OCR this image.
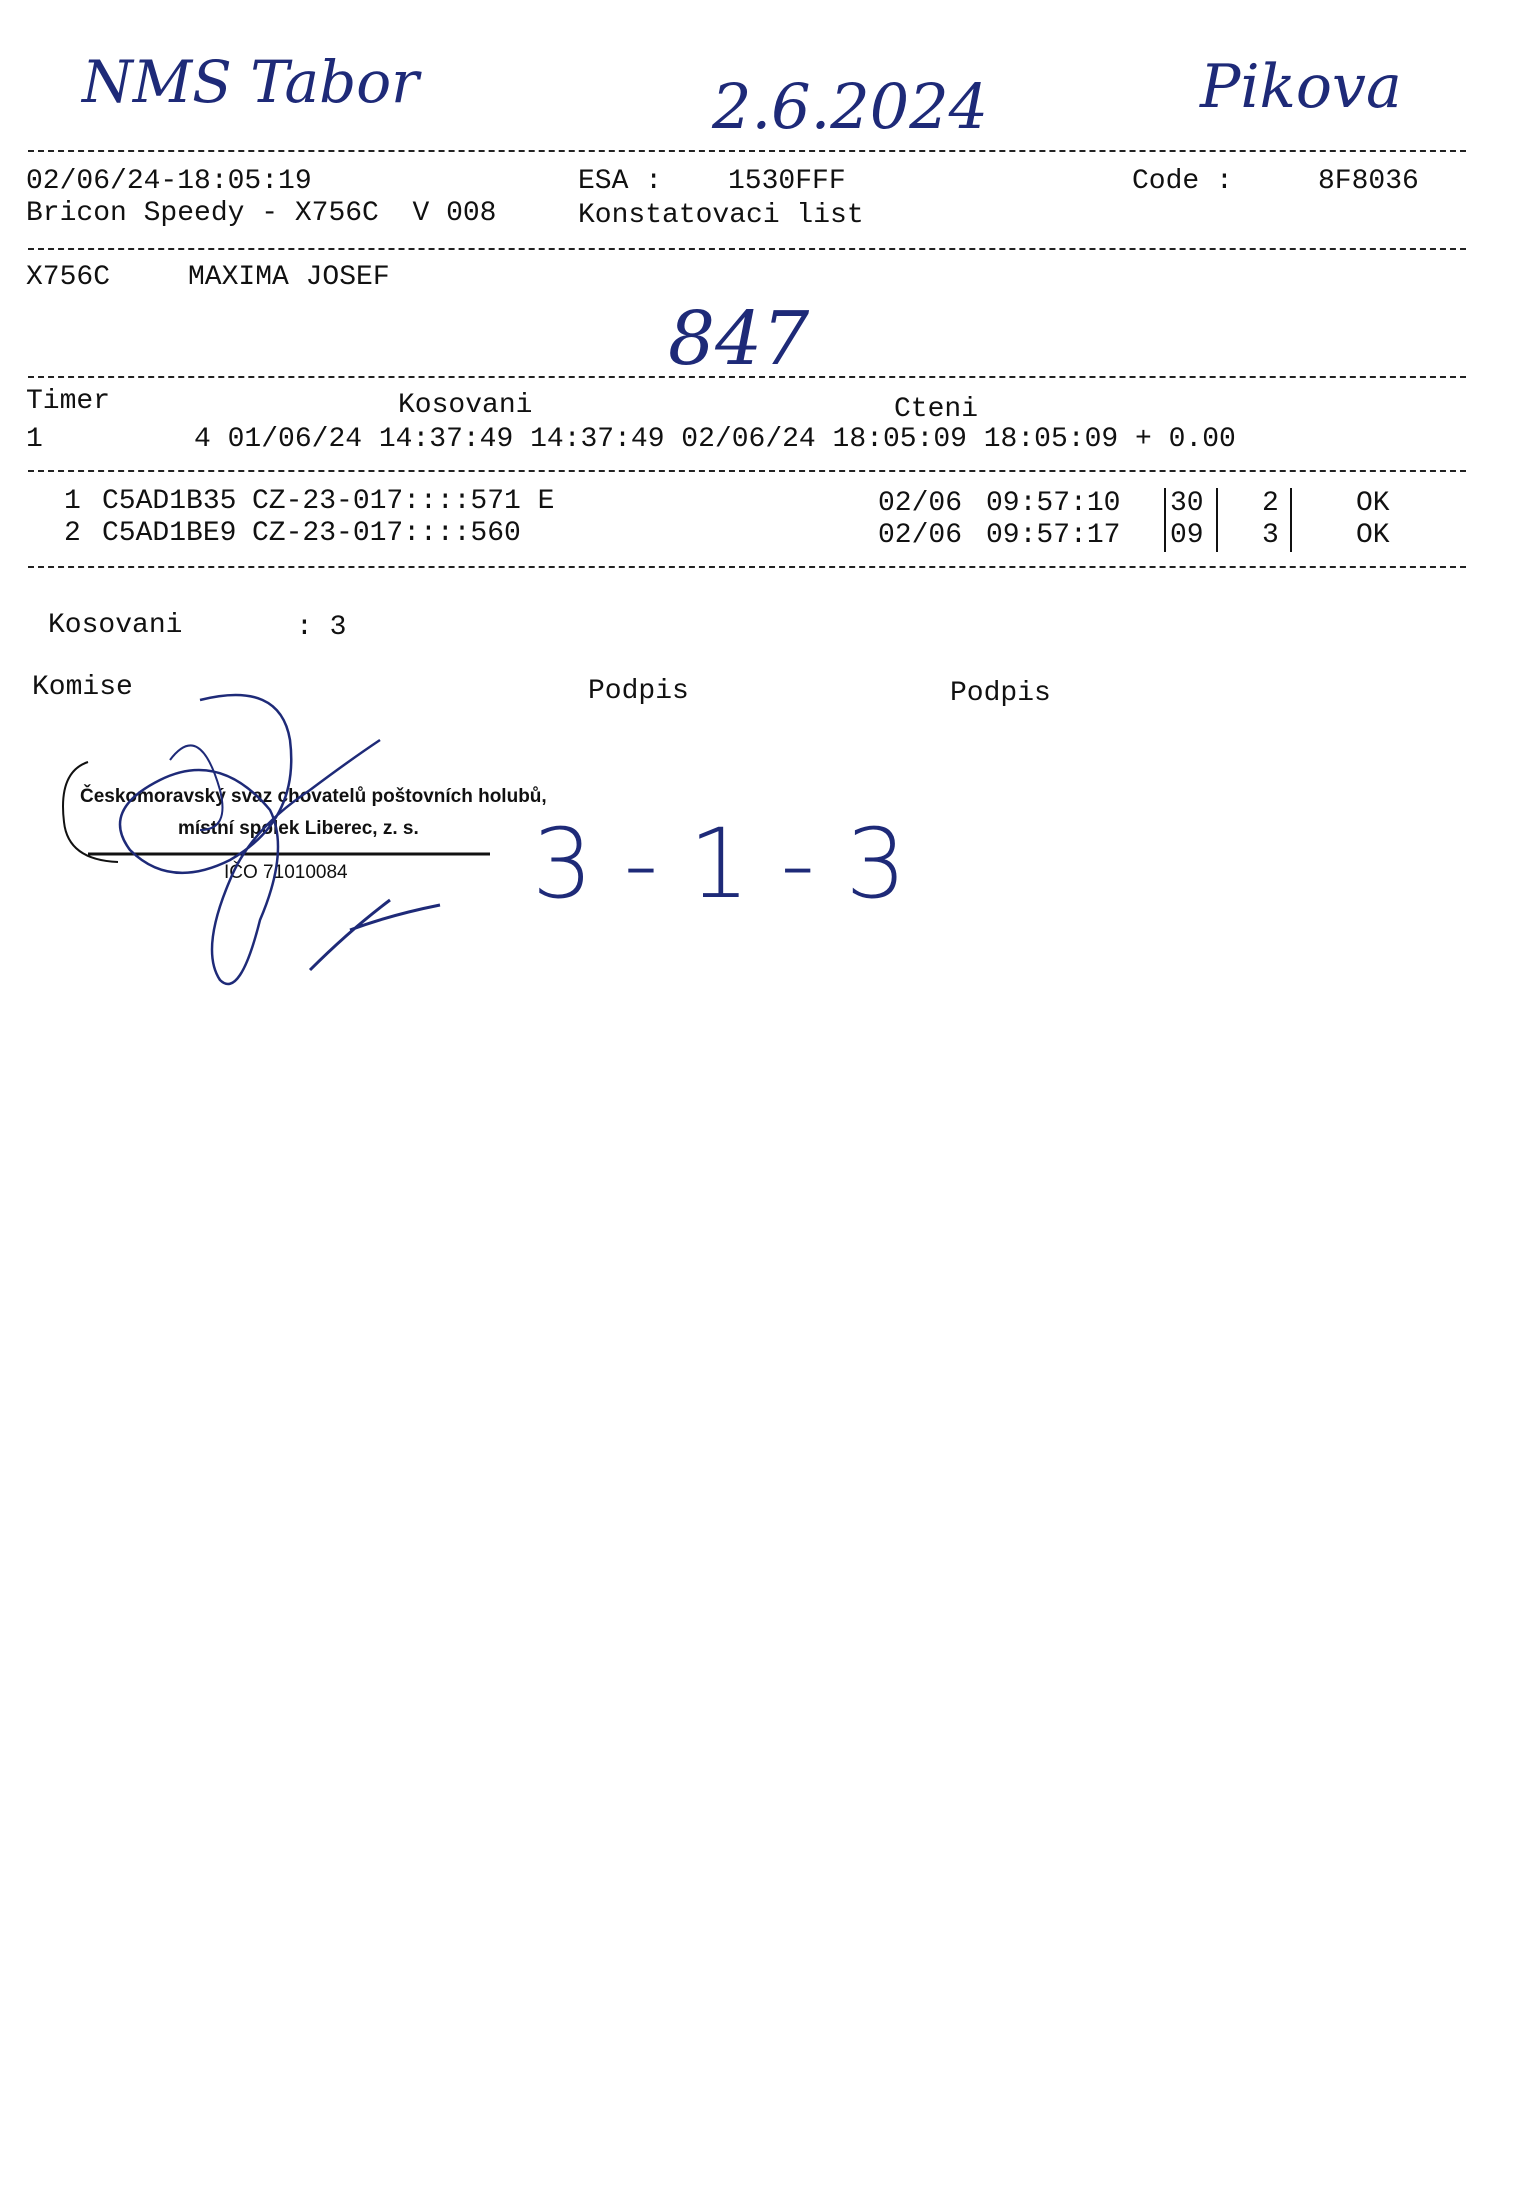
NMS Tabor	2.6.2024	Pikova
02/06/24-18:05:19	ESA : 1530FFF	Code :	8F8036
Bricon Speedy - X756C  V 008	Konstatovaci list
X756C	MAXIMA JOSEF
847
Timer	Kosovani	Cteni
1         4 01/06/24 14:37:49 14:37:49 02/06/24 18:05:09 18:05:09 + 0.00
1 C5AD1B35 CZ-23-017::::571 E	02/06 09:57:10 30 2	OK
2 C5AD1BE9 CZ-23-017::::560	02/06 09:57:17 09 3	OK
Kosovani	: 3
Komise	Podpis	Podpis
Českomoravský svaz chovatelů poštovních holubů,
místní spolek Liberec, z. s.
IČO 71010084 3 - 1 - 3
